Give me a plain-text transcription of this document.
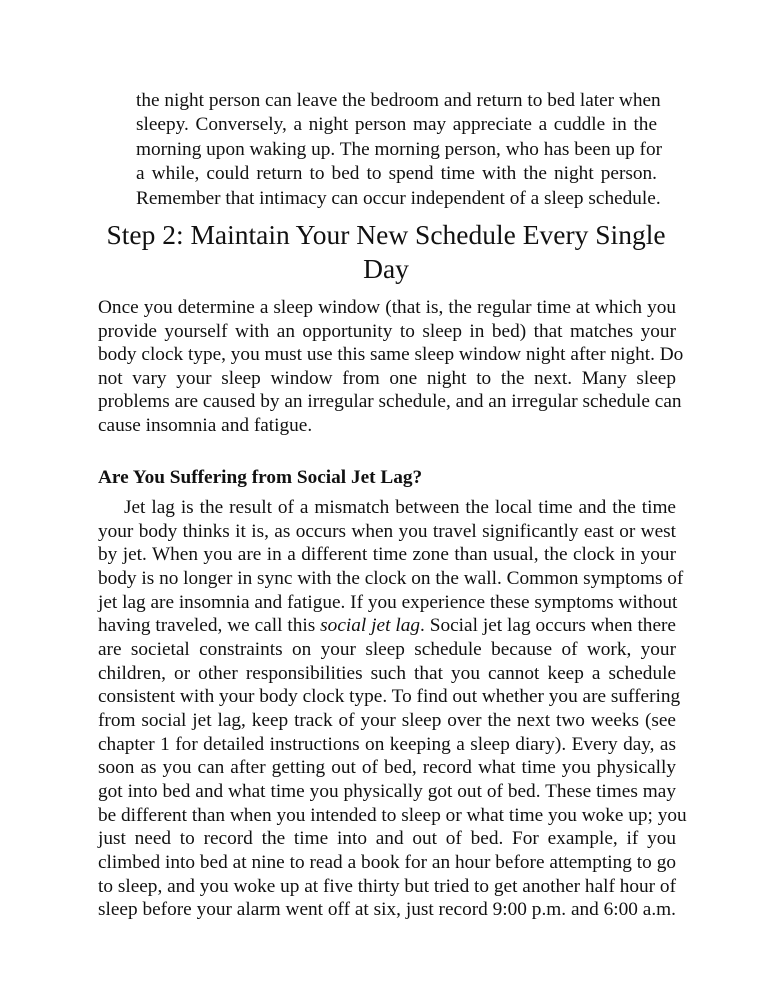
the night person can leave the bedroom and return to bed later when
sleepy. Conversely, a night person may appreciate a cuddle in the
morning upon waking up. The morning person, who has been up for
a while, could return to bed to spend time with the night person.
Remember that intimacy can occur independent of a sleep schedule.
Step 2: Maintain Your New Schedule Every Single
Day
Once you determine a sleep window (that is, the regular time at which you
provide yourself with an opportunity to sleep in bed) that matches your
body clock type, you must use this same sleep window night after night. Do
not vary your sleep window from one night to the next. Many sleep
problems are caused by an irregular schedule, and an irregular schedule can
cause insomnia and fatigue.
Are You Suffering from Social Jet Lag?
Jet lag is the result of a mismatch between the local time and the time
your body thinks it is, as occurs when you travel significantly east or west
by jet. When you are in a different time zone than usual, the clock in your
body is no longer in sync with the clock on the wall. Common symptoms of
jet lag are insomnia and fatigue. If you experience these symptoms without
having traveled, we call this social jet lag. Social jet lag occurs when there
are societal constraints on your sleep schedule because of work, your
children, or other responsibilities such that you cannot keep a schedule
consistent with your body clock type. To find out whether you are suffering
from social jet lag, keep track of your sleep over the next two weeks (see
chapter 1 for detailed instructions on keeping a sleep diary). Every day, as
soon as you can after getting out of bed, record what time you physically
got into bed and what time you physically got out of bed. These times may
be different than when you intended to sleep or what time you woke up; you
just need to record the time into and out of bed. For example, if you
climbed into bed at nine to read a book for an hour before attempting to go
to sleep, and you woke up at five thirty but tried to get another half hour of
sleep before your alarm went off at six, just record 9:00 p.m. and 6:00 a.m.
